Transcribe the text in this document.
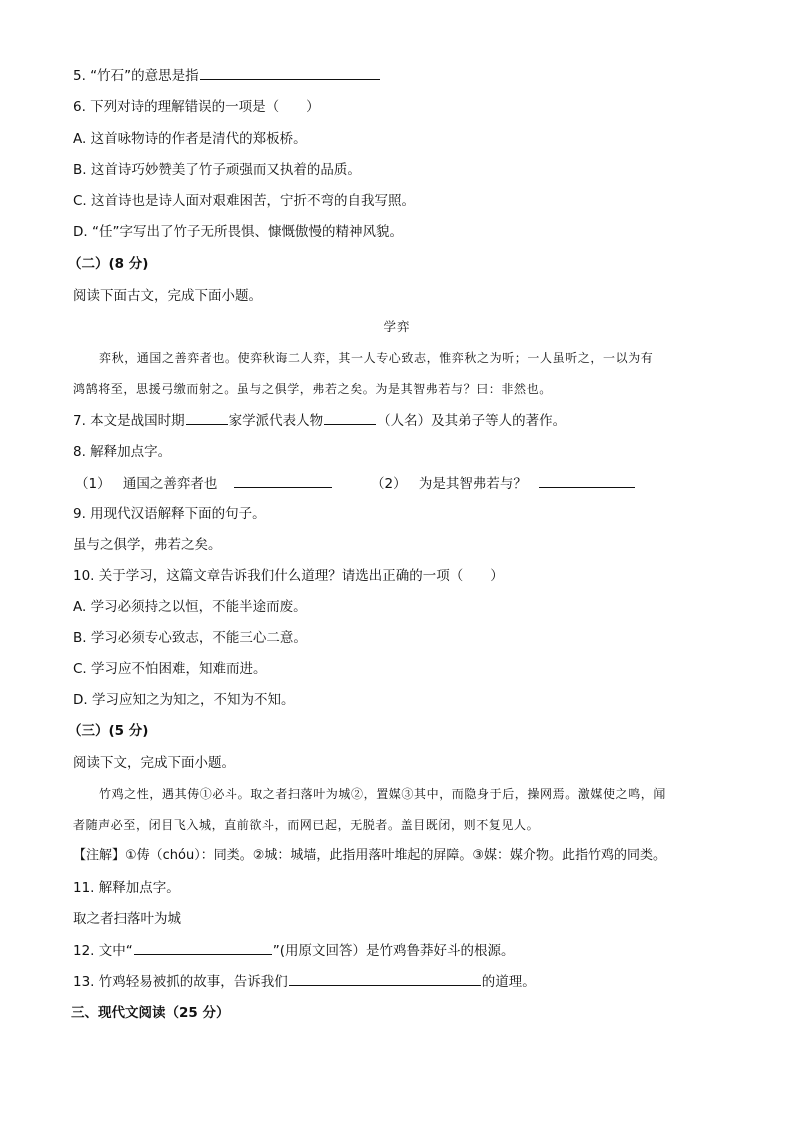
5. “竹石”的意思是指
6. 下列对诗的理解错误的一项是（　　）
A. 这首咏物诗的作者是清代的郑板桥。
B. 这首诗巧妙赞美了竹子顽强而又执着的品质。
C. 这首诗也是诗人面对艰难困苦，宁折不弯的自我写照。
D. “任”字写出了竹子无所畏惧、慷慨傲慢的精神风貌。
（二）(8 分)
阅读下面古文，完成下面小题。
学弈
弈秋，通国之善弈者也。使弈秋诲二人弈，其一人专心致志，惟弈秋之为听；一人虽听之，一以为有
鸿鹄将至，思援弓缴而射之。虽与之俱学，弗若之矣。为是其智弗若与？曰：非然也。
7. 本文是战国时期	家学派代表人物	（人名）及其弟子等人的著作。
8. 解释加点字。
（1） 通国之善弈者也	（2） 为是其智弗若与？
9. 用现代汉语解释下面的句子。
虽与之俱学，弗若之矣。
10. 关于学习，这篇文章告诉我们什么道理？请选出正确的一项（　　）
A. 学习必须持之以恒，不能半途而废。
B. 学习必须专心致志，不能三心二意。
C. 学习应不怕困难，知难而进。
D. 学习应知之为知之，不知为不知。
（三）(5 分)
阅读下文，完成下面小题。
竹鸡之性，遇其俦①必斗。取之者扫落叶为城②，置媒③其中，而隐身于后，操网焉。激媒使之鸣，闻
者随声必至，闭目飞入城，直前欲斗，而网已起，无脱者。盖目既闭，则不复见人。
【注解】①俦（chóu）：同类。②城：城墙，此指用落叶堆起的屏障。③媒：媒介物。此指竹鸡的同类。
11. 解释加点字。
取之者扫落叶为城
12. 文中“	”(用原文回答）是竹鸡鲁莽好斗的根源。
13. 竹鸡轻易被抓的故事，告诉我们	的道理。
三、现代文阅读（25 分）
